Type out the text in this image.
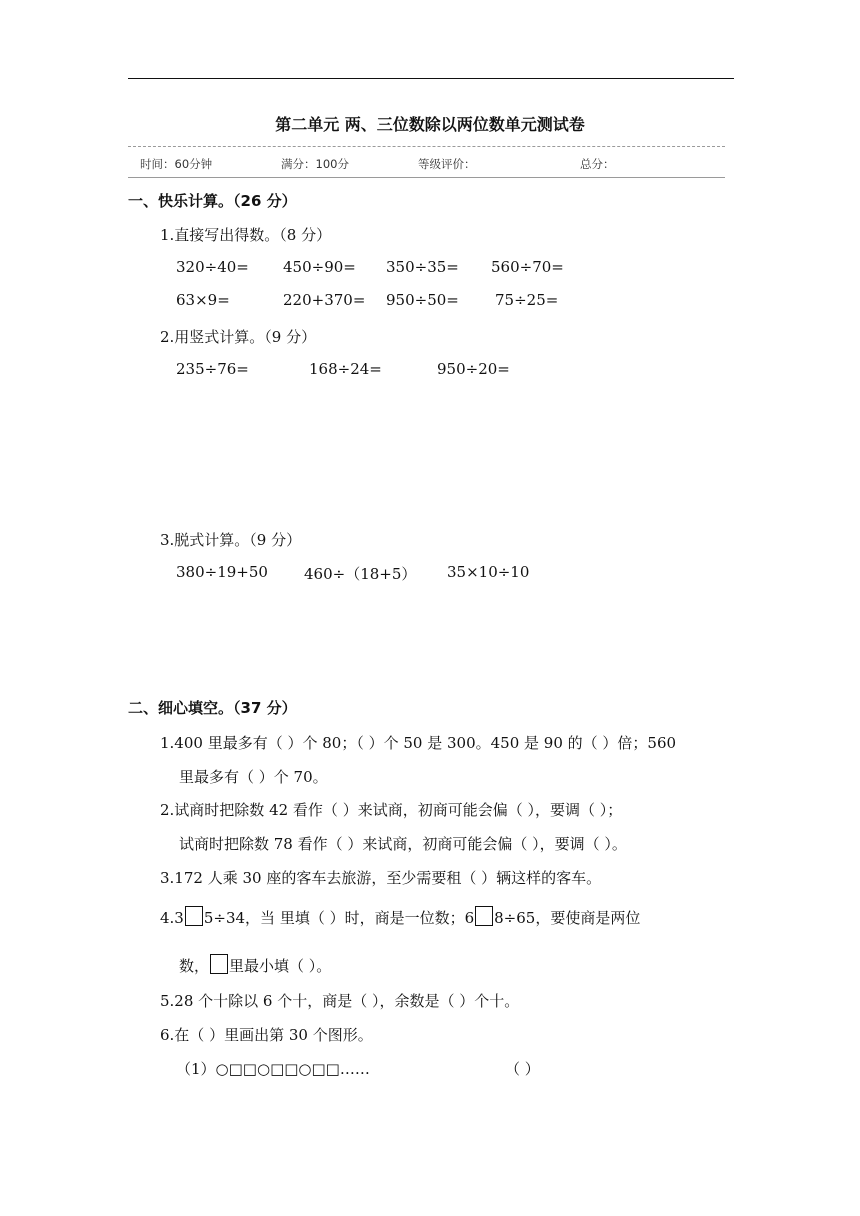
第二单元 两、三位数除以两位数单元测试卷
时间：60分钟	满分：100分	等级评价：	总分：
一、快乐计算。（26 分）
1.直接写出得数。（8 分）
320÷40= 450÷90= 350÷35= 560÷70=
63×9=	220+370= 950÷50= 75÷25=
2.用竖式计算。（9 分）
235÷76=	168÷24=	950÷20=
3.脱式计算。（9 分）
380÷19+50 460÷（18+5） 35×10÷10
二、细心填空。（37 分）
1.400 里最多有（ ）个 80；（ ）个 50 是 300。450 是 90 的（ ）倍；560
里最多有（ ）个 70。
2.试商时把除数 42 看作（ ）来试商，初商可能会偏（ ），要调（ ）；
试商时把除数 78 看作（ ）来试商，初商可能会偏（ ），要调（ ）。
3.172 人乘 30 座的客车去旅游，至少需要租（ ）辆这样的客车。
4.3 5÷34，当 里填（ ）时，商是一位数；6 8÷65，要使商是两位
数， 里最小填（ ）。
5.28 个十除以 6 个十，商是（ ），余数是（ ）个十。
6.在（ ）里画出第 30 个图形。
（1）○□□○□□○□□……	（ ）
